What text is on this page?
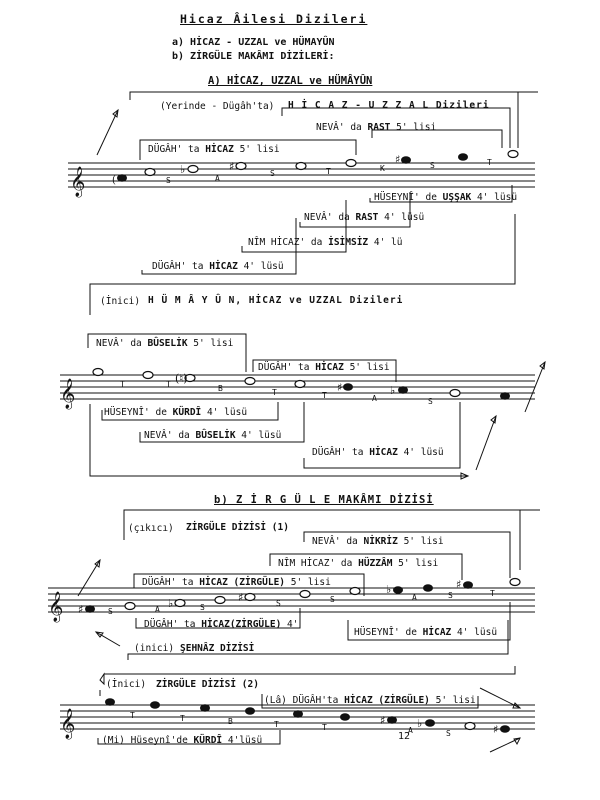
Hicaz Âilesi Dizileri
a) HİCAZ - UZZAL ve HÜMAYÛN
b) ZİRGÜLE MAKÂMI DİZİLERİ:
A) HİCAZ, UZZAL ve HÜMÂYÛN
𝄞	(
♭	♯
♯
𝄞
(♮)
♯	♭
𝄞 ♯	♭	♯
♭	♯
𝄞	♯	♭	♯
(Yerinde - Dügâh'ta) H İ C A Z - U Z Z A L Dizileri
NEVÂ' da RAST 5' lisi
DÜGÂH' ta HİCAZ 5' lisi
HÜSEYNÎ' de UŞŞAK 4' lüsü
NEVÂ' da RAST 4' lüsü
NÎM HİCAZ' da İSİMSİZ 4' lü
DÜGÂH' ta HİCAZ 4' lüsü
S	A
S	T	K	S	T
(İnici) H Ü M Â Y Û N, HİCAZ ve UZZAL Dizileri
NEVÂ' da BÛSELİK 5' lisi
DÜGÂH' ta HİCAZ 5' lisi
HÜSEYNÎ' de KÜRDÎ 4' lüsü
NEVÂ' da BÛSELİK 4' lüsü
DÜGÂH' ta HİCAZ 4' lüsü
T	T	B	T	T	A	S
b) Z İ R G Ü L E MAKÂMI DİZİSİ
(çıkıcı) ZİRGÜLE DİZİSİ (1)
NEVÂ' da NİKRİZ 5' lisi
NÎM HİCAZ' da HÜZZÂM 5' lisi
DÜGÂH' ta HİCAZ (ZİRGÜLE) 5' lisi
DÜGÂH' ta HİCAZ(ZİRGÜLE) 4'
HÜSEYNÎ' de HİCAZ 4' lüsü
(inici) ŞEHNÂZ DİZİSİ
S	A	S	S	S	A	S	T
(İnici) ZİRGÜLE DİZİSİ (2)
(Lâ) DÜGÂH'ta HİCAZ (ZİRGÜLE) 5' lisi
(Mi) Hüseynî'de KÜRDÎ 4'lüsü
T	T	B	T	T	A	S
12
